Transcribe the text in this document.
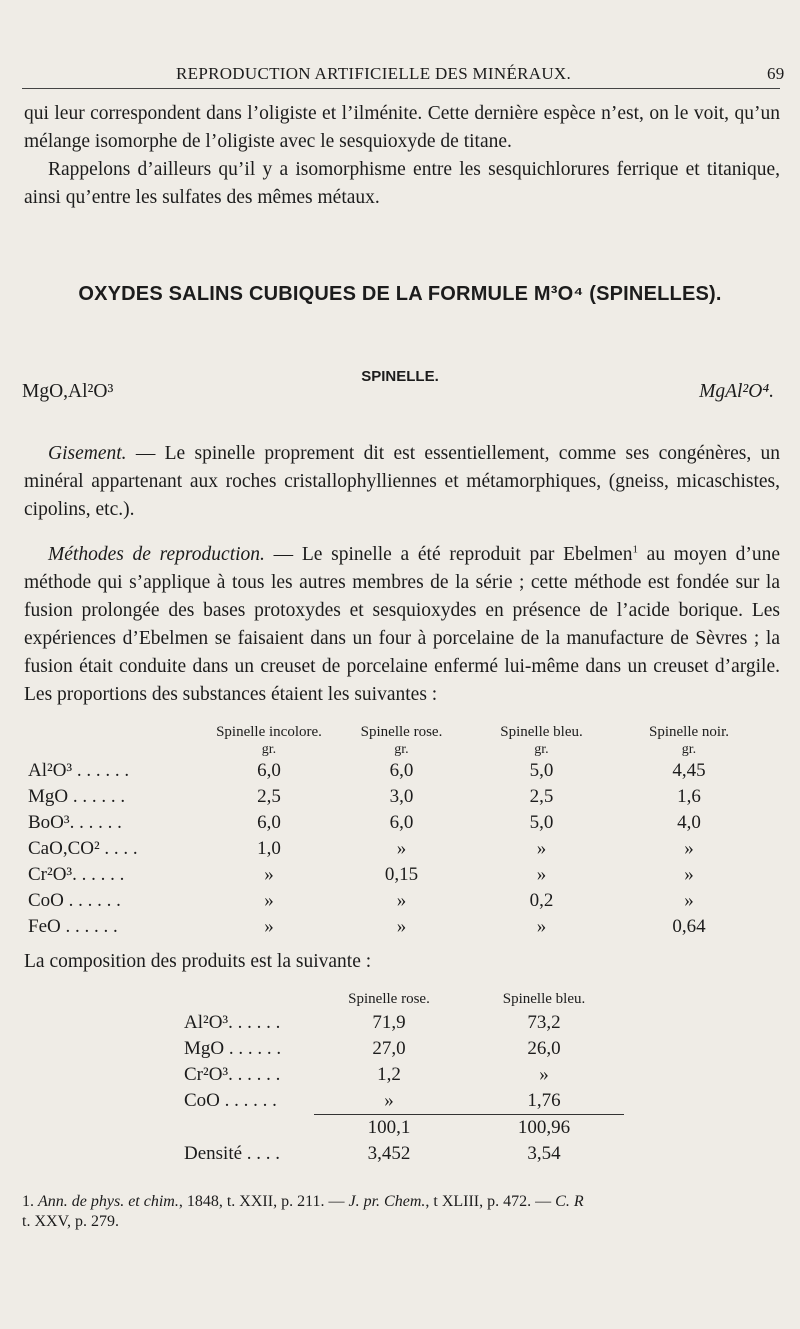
REPRODUCTION ARTIFICIELLE DES MINÉRAUX.	69

qui leur correspondent dans l’oligiste et l’ilménite. Cette dernière espèce n’est, on le voit, qu’un mélange isomorphe de l’oligiste avec le sesquioxyde de titane.

Rappelons d’ailleurs qu’il y a isomorphisme entre les sesquichlorures ferrique et titanique, ainsi qu’entre les sulfates des mêmes métaux.

OXYDES SALINS CUBIQUES DE LA FORMULE M³O⁴ (SPINELLES).
SPINELLE.
MgO,Al²O³	MgAl²O⁴.

Gisement. — Le spinelle proprement dit est essentiellement, comme ses congénères, un minéral appartenant aux roches cristallophylliennes et métamorphiques, (gneiss, micaschistes, cipolins, etc.).

Méthodes de reproduction. — Le spinelle a été reproduit par Ebelmen$^1$ au moyen d’une méthode qui s’applique à tous les autres membres de la série ; cette méthode est fondée sur la fusion prolongée des bases protoxydes et sesquioxydes en présence de l’acide borique. Les expériences d’Ebelmen se faisaient dans un four à porcelaine de la manufacture de Sèvres ; la fusion était conduite dans un creuset de porcelaine enfermé lui-même dans un creuset d’argile. Les proportions des substances étaient les suivantes :

	Spinelle incolore.	Spinelle rose.	Spinelle bleu.	Spinelle noir.
	gr.	gr.	gr.	gr.
Al²O³ . . . . . .	6,0	6,0	5,0	4,45
MgO . . . . . .	2,5	3,0	2,5	1,6
BoO³. . . . . .	6,0	6,0	5,0	4,0
CaO,CO² . . . .	1,0	»	»	»
Cr²O³. . . . . .	»	0,15	»	»
CoO . . . . . .	»	»	0,2	»
FeO . . . . . .	»	»	»	0,64
La composition des produits est la suivante :
	Spinelle rose.	Spinelle bleu.
Al²O³. . . . . .	71,9	73,2
MgO . . . . . .	27,0	26,0
Cr²O³. . . . . .	1,2	»
CoO . . . . . .	»	1,76
	100,1	100,96
Densité . . . .	3,452	3,54

1. Ann. de phys. et chim., 1848, t. XXII, p. 211. — J. pr. Chem., t XLIII, p. 472. — C. R

t. XXV, p. 279.
